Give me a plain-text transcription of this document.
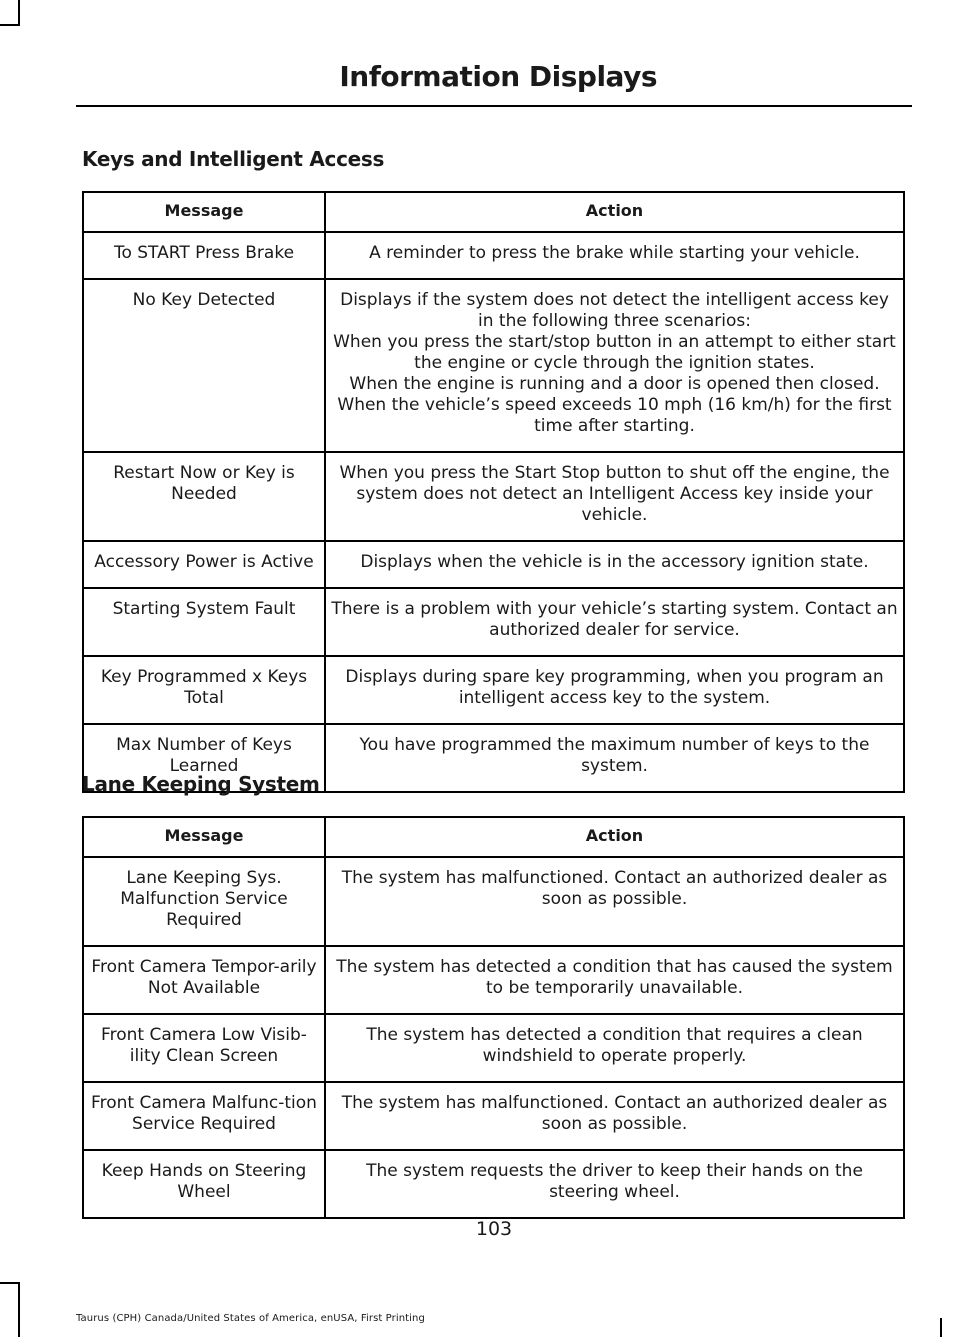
Information Displays
Keys and Intelligent Access
Message	Action
To START Press Brake	A reminder to press the brake while starting your vehicle.

No Key Detected	Displays if the system does not detect the intelligent access key in the following three scenarios:
When you press the start/stop button in an attempt to either start the engine or cycle through the ignition states.
When the engine is running and a door is opened then closed.
When the vehicle’s speed exceeds 10 mph (16 km/h) for the first time after starting.

Restart Now or Key is Needed	When you press the Start Stop button to shut off the engine, the system does not detect an Intelligent Access key inside your vehicle.

Accessory Power is Active	Displays when the vehicle is in the accessory ignition state.

Starting System Fault	There is a problem with your vehicle’s starting system. Contact an authorized dealer for service.

Key Programmed x Keys Total	Displays during spare key programming, when you program an intelligent access key to the system.

Max Number of Keys Learned	You have programmed the maximum number of keys to the system.
Lane Keeping System
Message	Action
Lane Keeping Sys. Malfunction Service Required	The system has malfunctioned. Contact an authorized dealer as soon as possible.

Front Camera Tempor-arily Not Available	The system has detected a condition that has caused the system to be temporarily unavailable.

Front Camera Low Visib-ility Clean Screen	The system has detected a condition that requires a clean windshield to operate properly.

Front Camera Malfunc-tion Service Required	The system has malfunctioned. Contact an authorized dealer as soon as possible.

Keep Hands on Steering Wheel	The system requests the driver to keep their hands on the steering wheel.
103
Taurus (CPH) Canada/United States of America, enUSA, First Printing
